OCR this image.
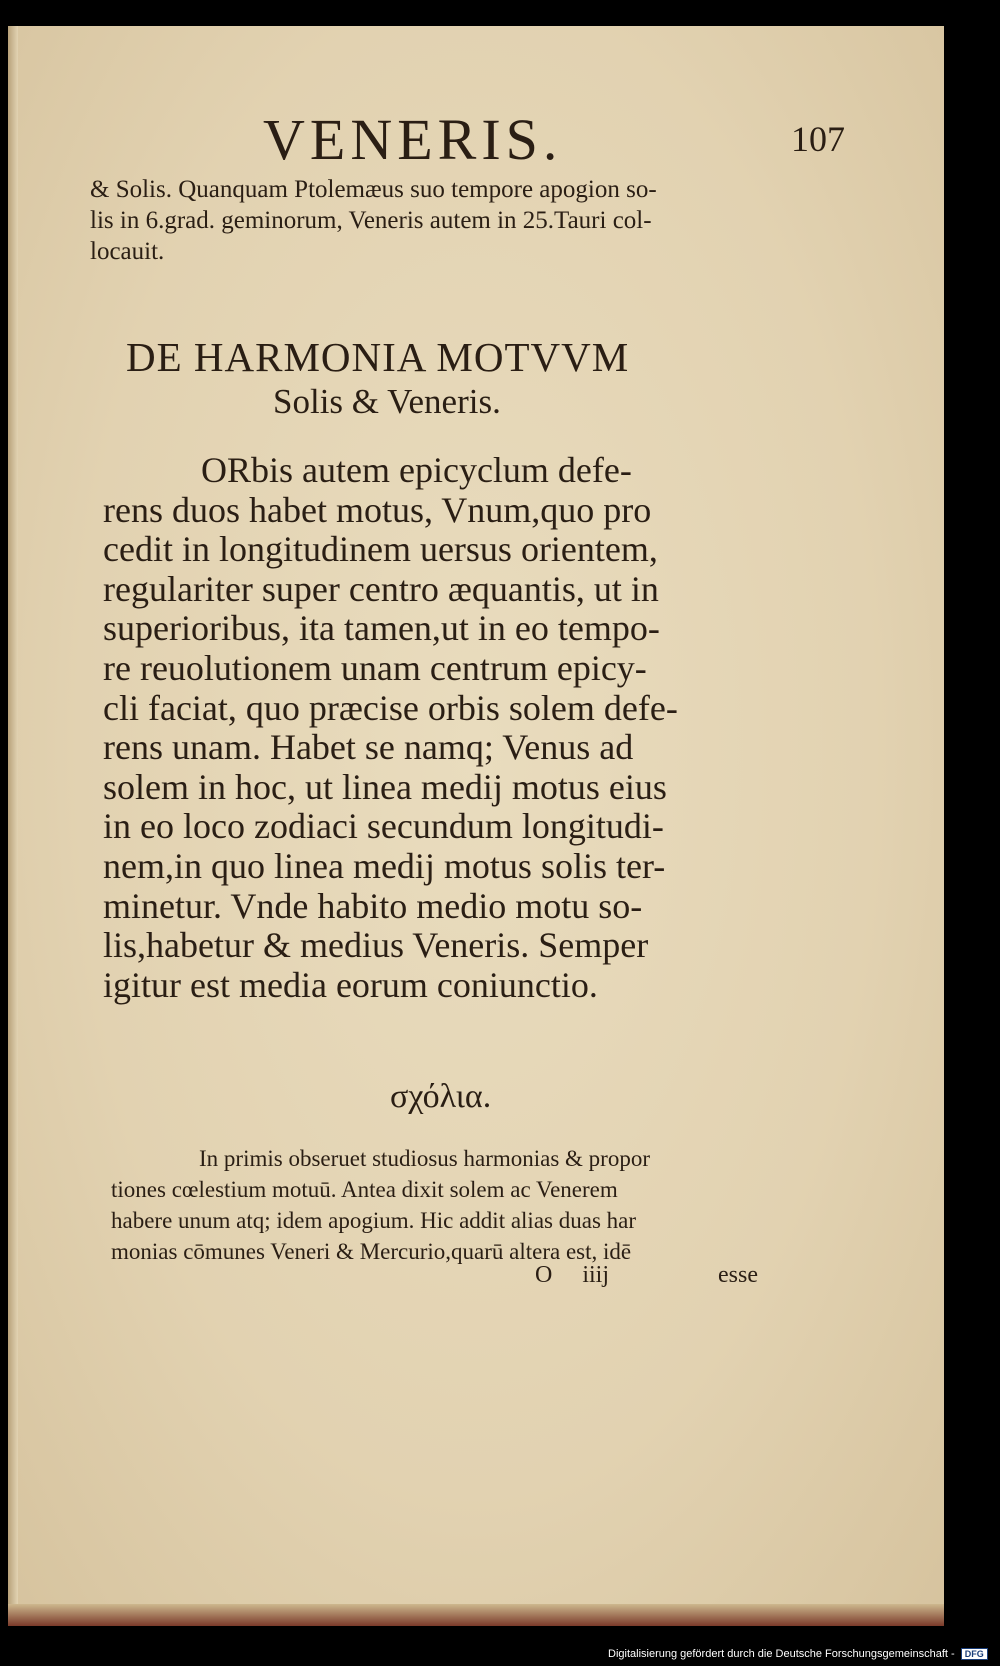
VENERIS.	107
& Solis. Quanquam Ptolemæus suo tempore apogion so-
lis in 6.grad. geminorum, Veneris autem in 25.Tauri col-
locauit.
DE HARMONIA MOTVVM
Solis & Veneris.
ORbis autem epicyclum defe-
rens duos habet motus, Vnum,quo pro
cedit in longitudinem uersus orientem,
regulariter super centro æquantis, ut in
superioribus, ita tamen,ut in eo tempo-
re reuolutionem unam centrum epicy-
cli faciat, quo præcise orbis solem defe-
rens unam. Habet se namq; Venus ad
solem in hoc, ut linea medij motus eius
in eo loco zodiaci secundum longitudi-
nem,in quo linea medij motus solis ter-
minetur. Vnde habito medio motu so-
lis,habetur & medius Veneris. Semper
igitur est media eorum coniunctio.
σχόλια.
In primis obseruet studiosus harmonias & propor
tiones cœlestium motuū. Antea dixit solem ac Venerem
habere unum atq; idem apogium. Hic addit alias duas har
monias cōmunes Veneri & Mercurio,quarū altera est, idē
O iiij	esse
Digitalisierung gefördert durch die Deutsche Forschungsgemeinschaft - DFG
